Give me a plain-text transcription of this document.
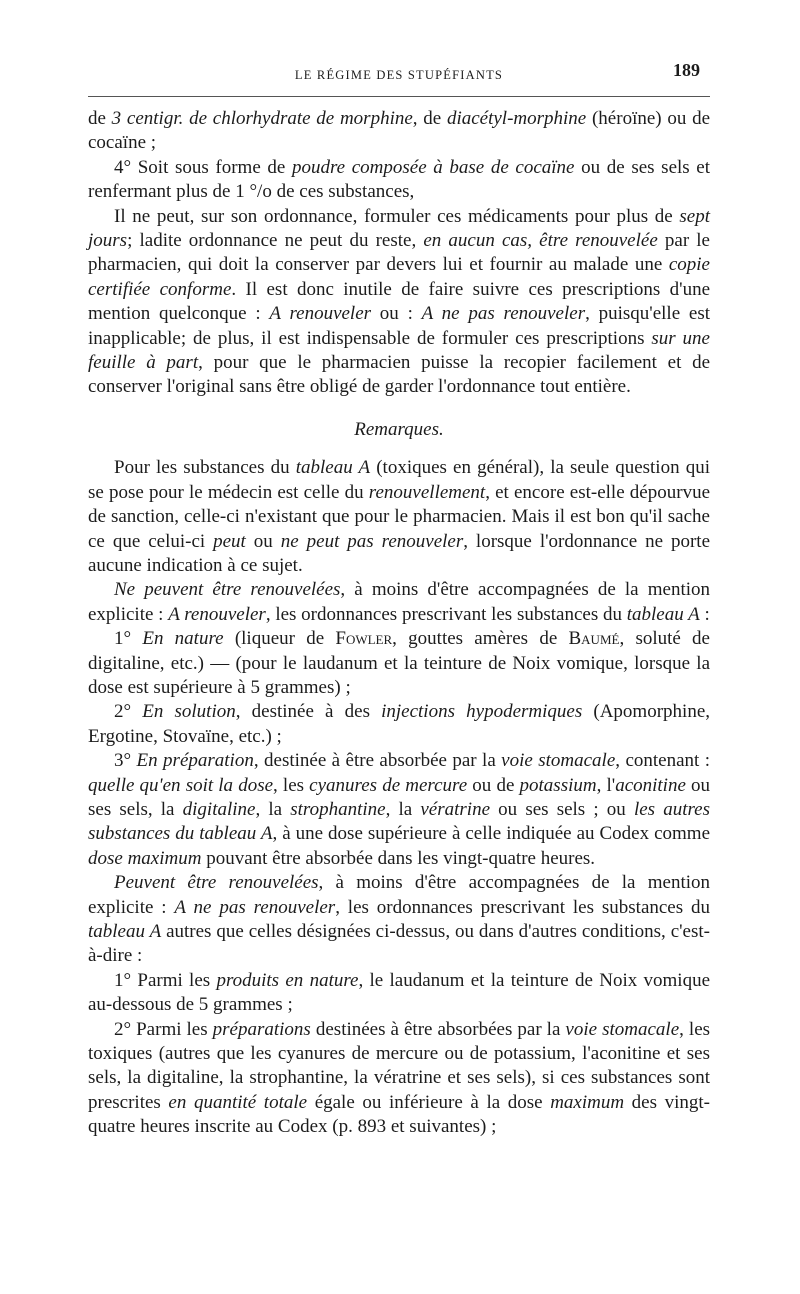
LE RÉGIME DES STUPÉFIANTS	189

de 3 centigr. de chlorhydrate de morphine, de diacétyl-morphine (héroïne) ou de cocaïne ;

4° Soit sous forme de poudre composée à base de cocaïne ou de ses sels et renfermant plus de 1 °/o de ces substances,

Il ne peut, sur son ordonnance, formuler ces médicaments pour plus de sept jours; ladite ordonnance ne peut du reste, en aucun cas, être renouvelée par le pharmacien, qui doit la conserver par devers lui et fournir au malade une copie certifiée conforme. Il est donc inutile de faire suivre ces prescriptions d'une mention quelconque : A renouveler ou : A ne pas renouveler, puisqu'elle est inapplicable; de plus, il est indispensable de formuler ces prescriptions sur une feuille à part, pour que le pharmacien puisse la recopier facilement et de conserver l'original sans être obligé de garder l'ordonnance tout entière.

Remarques.

Pour les substances du tableau A (toxiques en général), la seule question qui se pose pour le médecin est celle du renouvellement, et encore est-elle dépourvue de sanction, celle-ci n'existant que pour le pharmacien. Mais il est bon qu'il sache ce que celui-ci peut ou ne peut pas renouveler, lorsque l'ordonnance ne porte aucune indication à ce sujet.

Ne peuvent être renouvelées, à moins d'être accompagnées de la mention explicite : A renouveler, les ordonnances prescrivant les substances du tableau A :

1° En nature (liqueur de Fowler, gouttes amères de Baumé, soluté de digitaline, etc.) — (pour le laudanum et la teinture de Noix vomique, lorsque la dose est supérieure à 5 grammes) ;

2° En solution, destinée à des injections hypodermiques (Apomorphine, Ergotine, Stovaïne, etc.) ;

3° En préparation, destinée à être absorbée par la voie stomacale, contenant : quelle qu'en soit la dose, les cyanures de mercure ou de potassium, l'aconitine ou ses sels, la digitaline, la strophantine, la vératrine ou ses sels ; ou les autres substances du tableau A, à une dose supérieure à celle indiquée au Codex comme dose maximum pouvant être absorbée dans les vingt-quatre heures.

Peuvent être renouvelées, à moins d'être accompagnées de la mention explicite : A ne pas renouveler, les ordonnances prescrivant les substances du tableau A autres que celles désignées ci-dessus, ou dans d'autres conditions, c'est-à-dire :

1° Parmi les produits en nature, le laudanum et la teinture de Noix vomique au-dessous de 5 grammes ;

2° Parmi les préparations destinées à être absorbées par la voie stomacale, les toxiques (autres que les cyanures de mercure ou de potassium, l'aconitine et ses sels, la digitaline, la strophantine, la vératrine et ses sels), si ces substances sont prescrites en quantité totale égale ou inférieure à la dose maximum des vingt-quatre heures inscrite au Codex (p. 893 et suivantes) ;
